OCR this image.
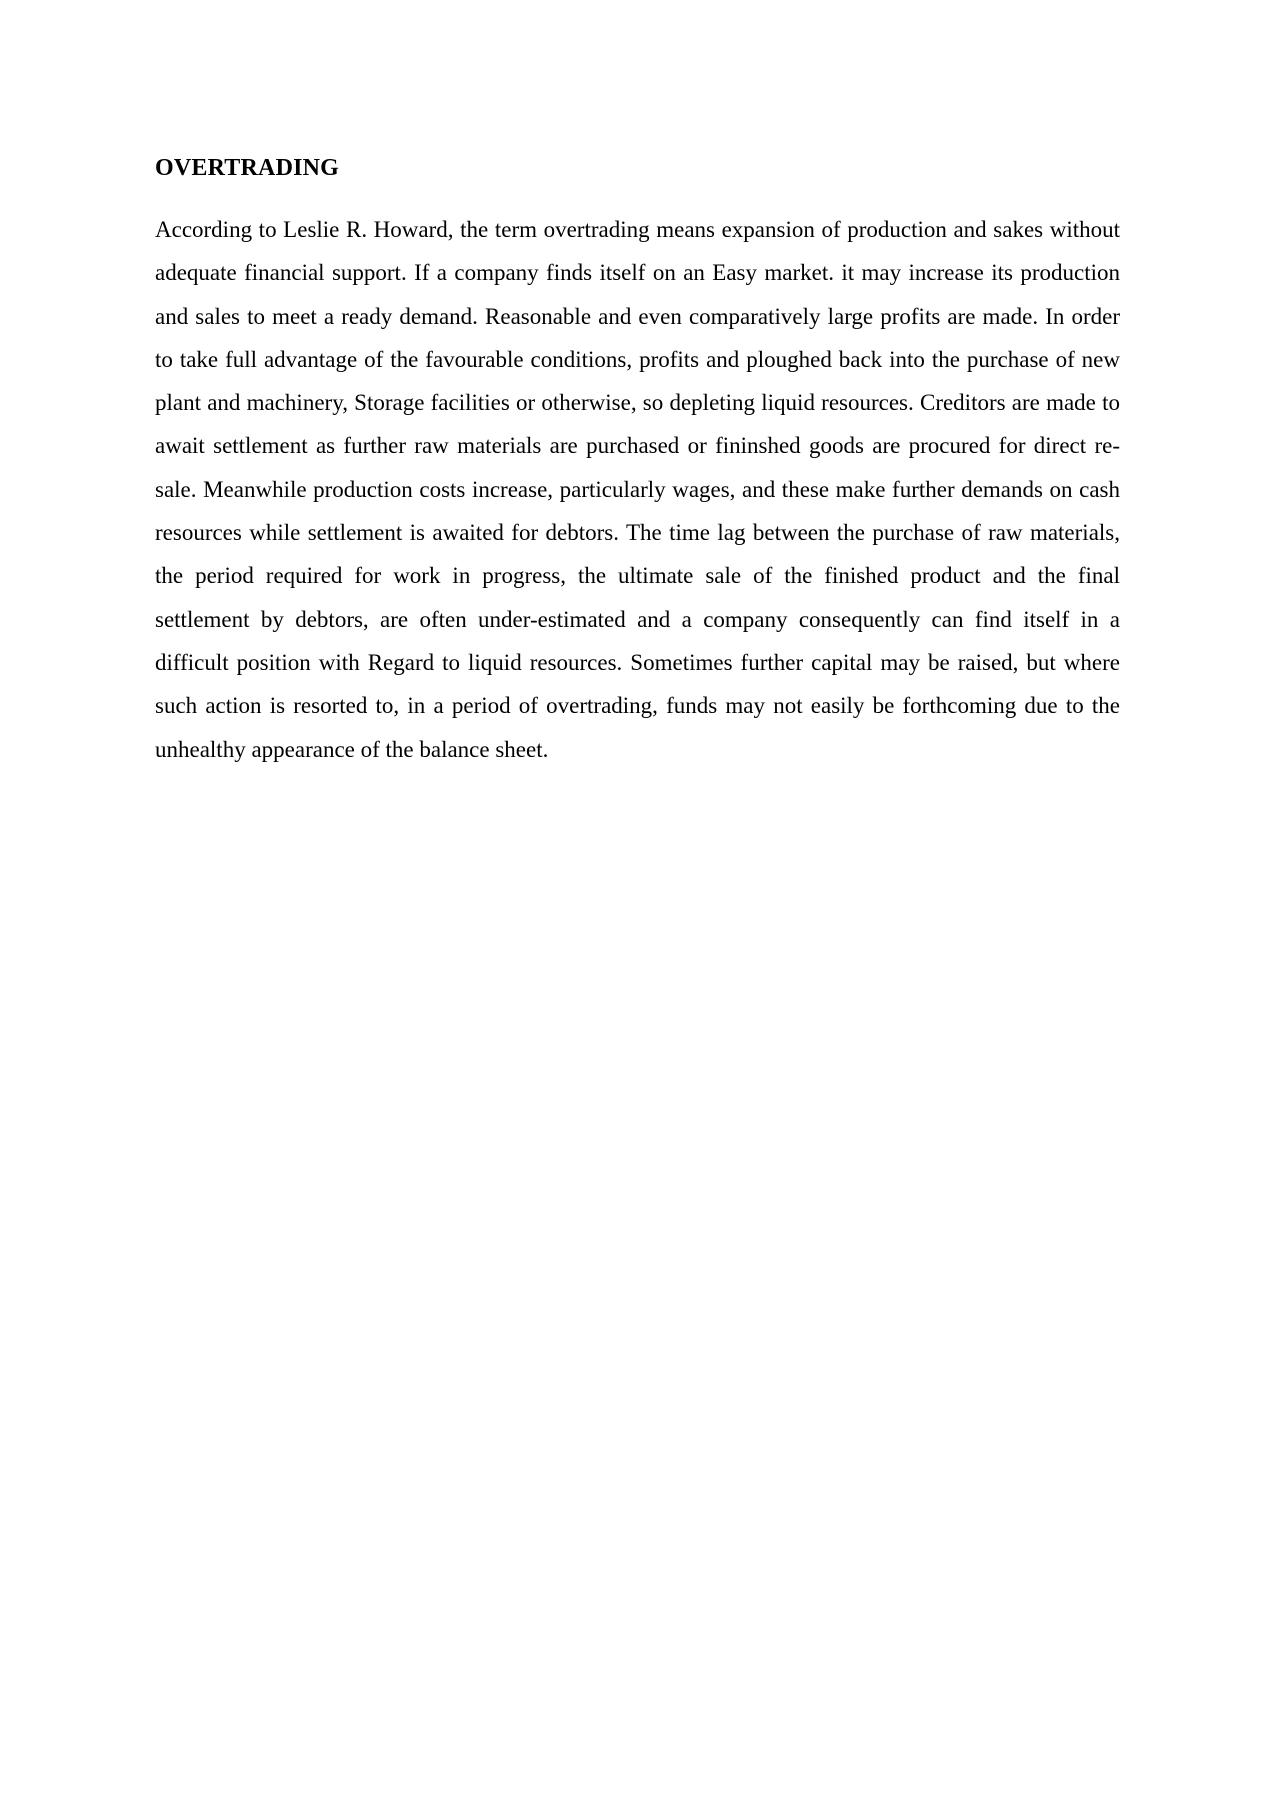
OVERTRADING

According to Leslie R. Howard, the term overtrading means expansion of production and sakes without adequate financial support. If a company finds itself on an Easy market. it may increase its production and sales to meet a ready demand. Reasonable and even comparatively large profits are made. In order to take full advantage of the favourable conditions, profits and ploughed back into the purchase of new plant and machinery, Storage facilities or otherwise, so depleting liquid resources. Creditors are made to await settlement as further raw materials are purchased or fininshed goods are procured for direct re-sale. Meanwhile production costs increase, particularly wages, and these make further demands on cash resources while settlement is awaited for debtors. The time lag between the purchase of raw materials, the period required for work in progress, the ultimate sale of the finished product and the final settlement by debtors, are often under-estimated and a company consequently can find itself in a difficult position with Regard to liquid resources. Sometimes further capital may be raised, but where such action is resorted to, in a period of overtrading, funds may not easily be forthcoming due to the unhealthy appearance of the balance sheet.
